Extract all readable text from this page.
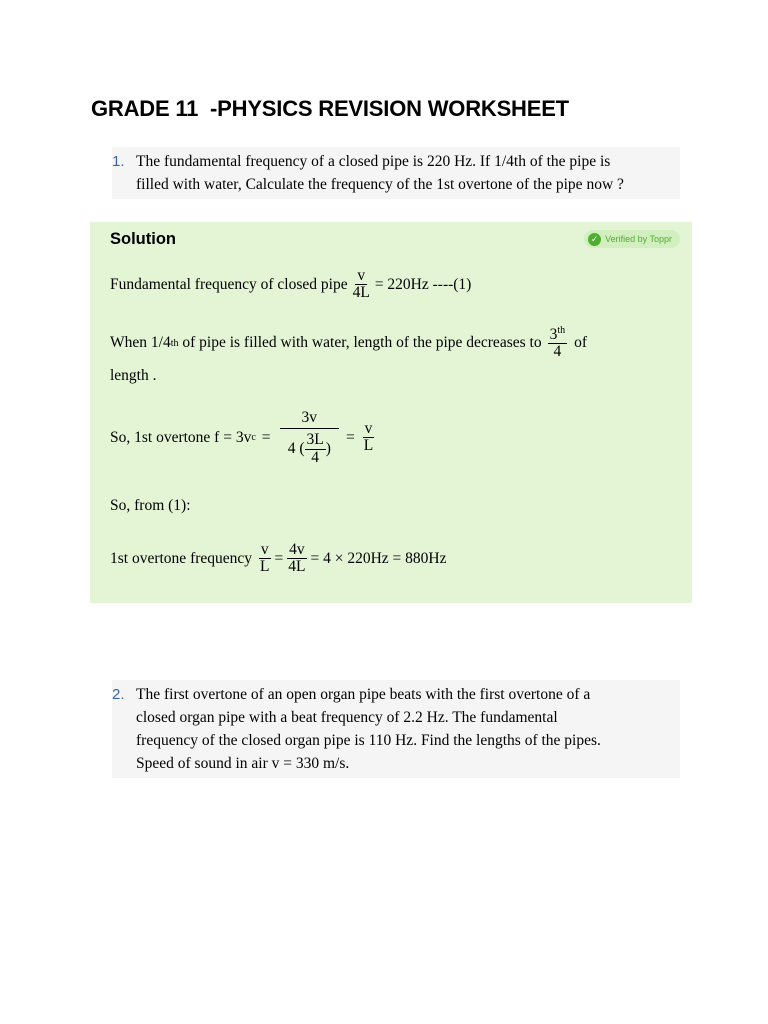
GRADE 11  -PHYSICS REVISION WORKSHEET
1. The fundamental frequency of a closed pipe is 220 Hz. If 1/4th of the pipe is
filled with water, Calculate the frequency of the 1st overtone of the pipe now ?
Solution	✓ Verified by Toppr
Fundamental frequency of closed pipe $\frac{v}{4L} = 220Hz$ ----(1)
When 1/4 th of pipe is filled with water, length of the pipe decreases to $\frac{3^{th}}{4}$ of
length .
So, 1st overtone f = 3v $c = \frac{3v}{4 ( \frac{3L}{4} )} = \frac{v}{L}$
So, from (1):
1st overtone frequency $\frac{v}{L} = \frac{4v}{4L} = 4 \times 220Hz = 880Hz$
2. The first overtone of an open organ pipe beats with the first overtone of a
closed organ pipe with a beat frequency of 2.2 Hz. The fundamental
frequency of the closed organ pipe is 110 Hz. Find the lengths of the pipes.
Speed of sound in air v = 330 m/s.
